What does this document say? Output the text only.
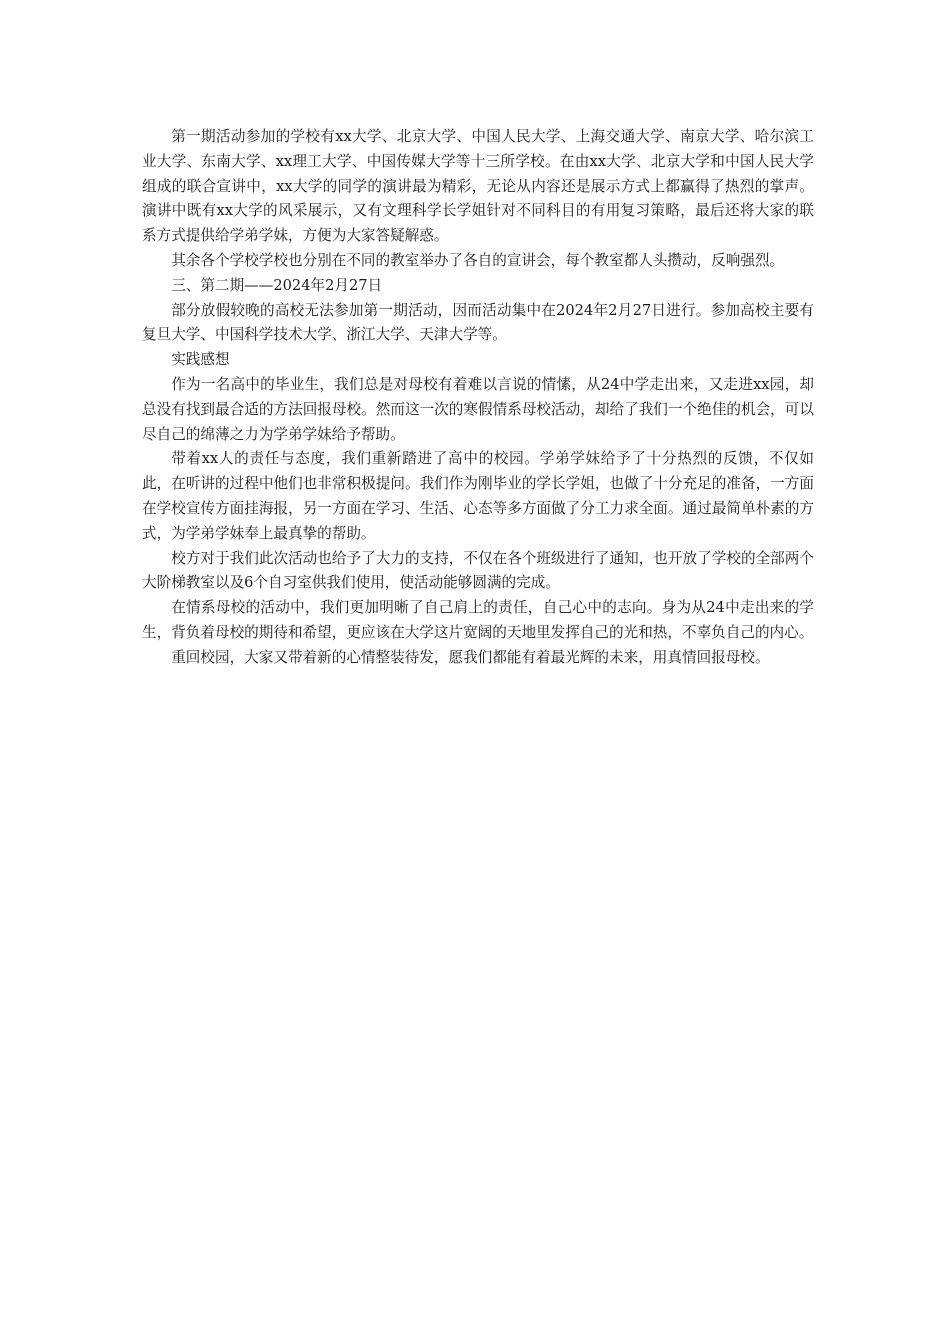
第一期活动参加的学校有xx大学、北京大学、中国人民大学、上海交通大学、南京大学、哈尔滨工业大学、东南大学、xx理工大学、中国传媒大学等十三所学校。在由xx大学、北京大学和中国人民大学组成的联合宣讲中，xx大学的同学的演讲最为精彩，无论从内容还是展示方式上都赢得了热烈的掌声。演讲中既有xx大学的风采展示，又有文理科学长学姐针对不同科目的有用复习策略，最后还将大家的联系方式提供给学弟学妹，方便为大家答疑解惑。

其余各个学校学校也分别在不同的教室举办了各自的宣讲会，每个教室都人头攒动，反响强烈。

三、第二期——2024年2月27日

部分放假较晚的高校无法参加第一期活动，因而活动集中在2024年2月27日进行。参加高校主要有复旦大学、中国科学技术大学、浙江大学、天津大学等。

实践感想

作为一名高中的毕业生，我们总是对母校有着难以言说的情愫，从24中学走出来，又走进xx园，却总没有找到最合适的方法回报母校。然而这一次的寒假情系母校活动，却给了我们一个绝佳的机会，可以尽自己的绵薄之力为学弟学妹给予帮助。

带着xx人的责任与态度，我们重新踏进了高中的校园。学弟学妹给予了十分热烈的反馈，不仅如此，在听讲的过程中他们也非常积极提问。我们作为刚毕业的学长学姐，也做了十分充足的准备，一方面在学校宣传方面挂海报，另一方面在学习、生活、心态等多方面做了分工力求全面。通过最简单朴素的方式，为学弟学妹奉上最真挚的帮助。

校方对于我们此次活动也给予了大力的支持，不仅在各个班级进行了通知，也开放了学校的全部两个大阶梯教室以及6个自习室供我们使用，使活动能够圆满的完成。

在情系母校的活动中，我们更加明晰了自己肩上的责任，自己心中的志向。身为从24中走出来的学生，背负着母校的期待和希望，更应该在大学这片宽阔的天地里发挥自己的光和热，不辜负自己的内心。

重回校园，大家又带着新的心情整装待发，愿我们都能有着最光辉的未来，用真情回报母校。
